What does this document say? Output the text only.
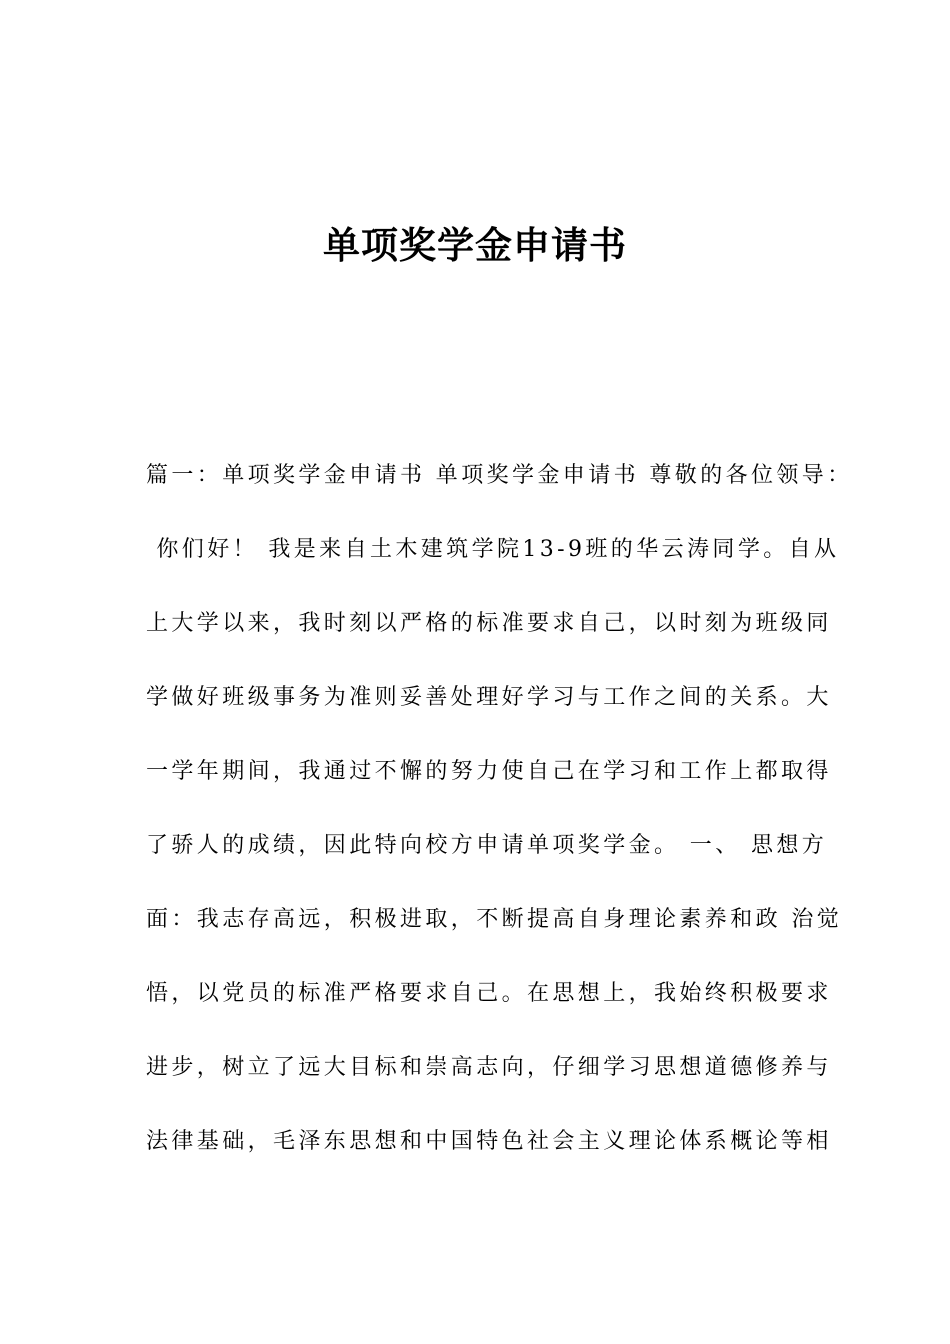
单项奖学金申请书
篇一：单项奖学金申请书 单项奖学金申请书 尊敬的各位领导：
你们好！ 我是来自土木建筑学院13-9班的华云涛同学。自从
上大学以来，我时刻以严格的标准要求自己，以时刻为班级同
学做好班级事务为准则妥善处理好学习与工作之间的关系。大
一学年期间，我通过不懈的努力使自己在学习和工作上都取得
了骄人的成绩，因此特向校方申请单项奖学金。 一、 思想方
面：我志存高远，积极进取，不断提高自身理论素养和政 治觉
悟，以党员的标准严格要求自己。在思想上，我始终积极要求
进步，树立了远大目标和崇高志向，仔细学习思想道德修养与
法律基础，毛泽东思想和中国特色社会主义理论体系概论等相
